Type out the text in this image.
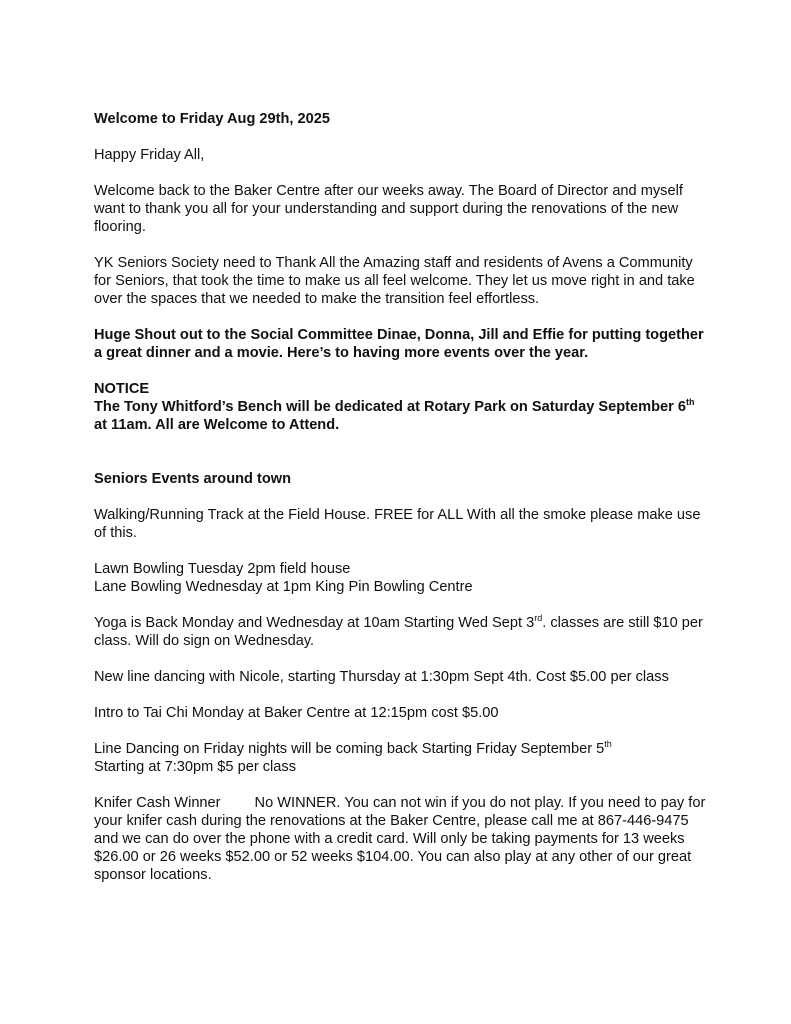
Welcome to Friday Aug 29th, 2025

Happy Friday All,

Welcome back to the Baker Centre after our weeks away. The Board of Director and myself want to thank you all for your understanding and support during the renovations of the new flooring.

YK Seniors Society need to Thank All the Amazing staff and residents of Avens a Community for Seniors, that took the time to make us all feel welcome. They let us move right in and take over the spaces that we needed to make the transition feel effortless.

Huge Shout out to the Social Committee Dinae, Donna, Jill and Effie for putting together a great dinner and a movie. Here’s to having more events over the year.

NOTICE
The Tony Whitford’s Bench will be dedicated at Rotary Park on Saturday September 6th at 11am. All are Welcome to Attend.

Seniors Events around town

Walking/Running Track at the Field House. FREE for ALL With all the smoke please make use of this.

Lawn Bowling Tuesday 2pm field house
Lane Bowling Wednesday at 1pm King Pin Bowling Centre

Yoga is Back Monday and Wednesday at 10am Starting Wed Sept 3rd. classes are still $10 per class. Will do sign on Wednesday.

New line dancing with Nicole, starting Thursday at 1:30pm Sept 4th. Cost $5.00 per class

Intro to Tai Chi Monday at Baker Centre at 12:15pm cost $5.00

Line Dancing on Friday nights will be coming back Starting Friday September 5th
Starting at 7:30pm $5 per class

Knifer Cash Winner No WINNER. You can not win if you do not play. If you need to pay for your knifer cash during the renovations at the Baker Centre, please call me at 867-446-9475 and we can do over the phone with a credit card. Will only be taking payments for 13 weeks $26.00 or 26 weeks $52.00 or 52 weeks $104.00. You can also play at any other of our great sponsor locations.
